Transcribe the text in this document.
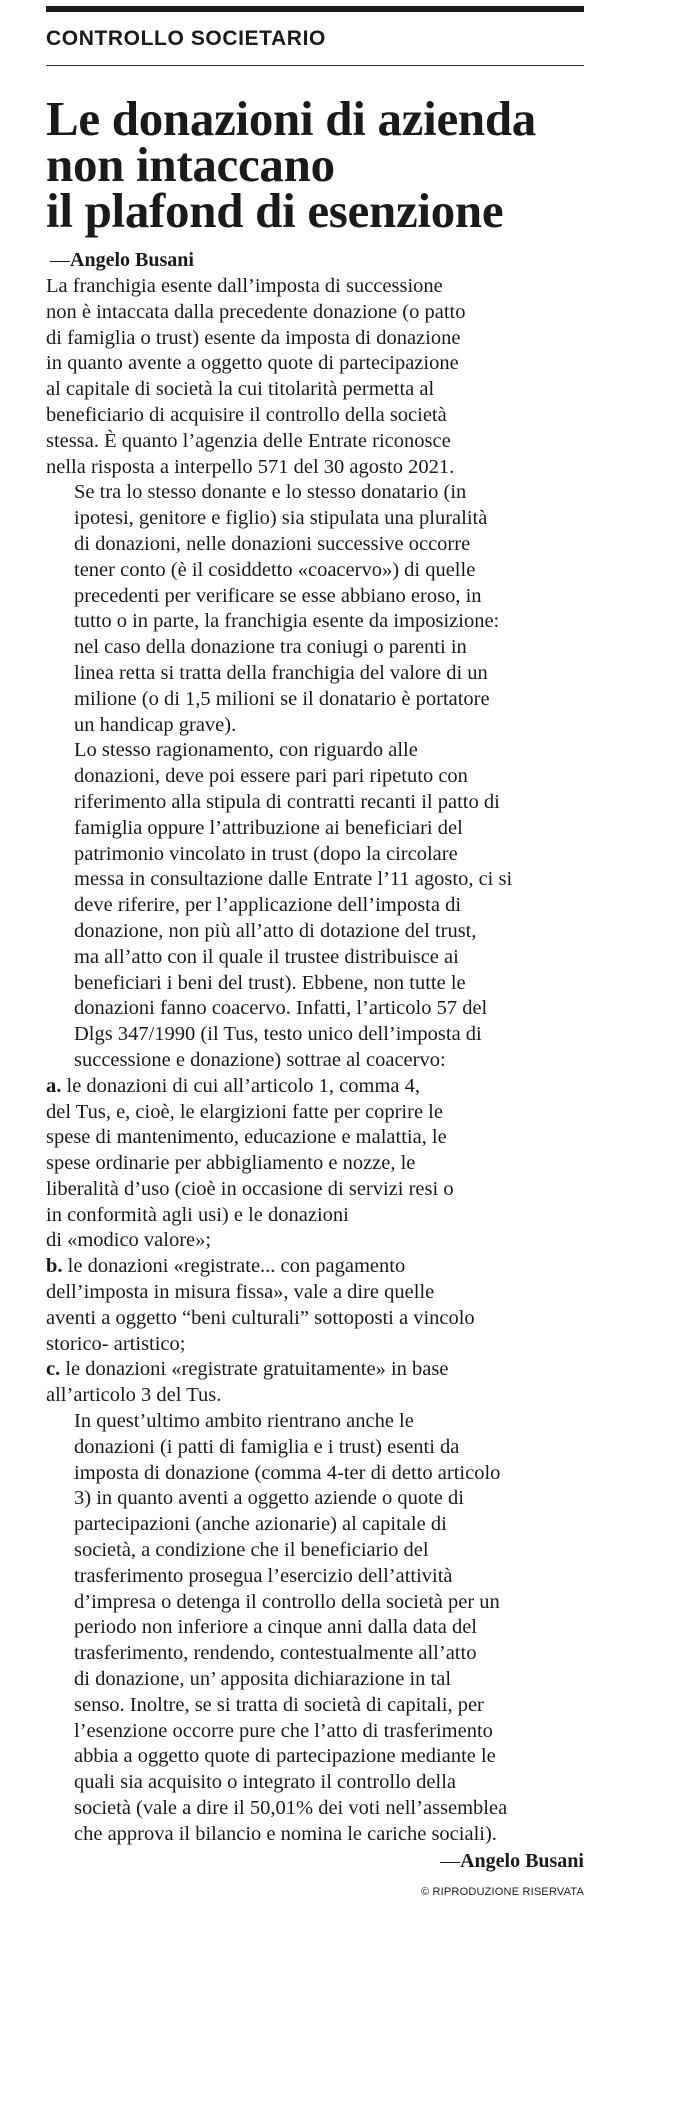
CONTROLLO SOCIETARIO
Le donazioni di azienda
non intaccano
il plafond di esenzione
—Angelo Busani

La franchigia esente dall’imposta di successione
non è intaccata dalla precedente donazione (o patto
di famiglia o trust) esente da imposta di donazione
in quanto avente a oggetto quote di partecipazione
al capitale di società la cui titolarità permetta al
beneficiario di acquisire il controllo della società
stessa. È quanto l’agenzia delle Entrate riconosce
nella risposta a interpello 571 del 30 agosto 2021.

Se tra lo stesso donante e lo stesso donatario (in
ipotesi, genitore e figlio) sia stipulata una pluralità
di donazioni, nelle donazioni successive occorre
tener conto (è il cosiddetto «coacervo») di quelle
precedenti per verificare se esse abbiano eroso, in
tutto o in parte, la franchigia esente da imposizione:
nel caso della donazione tra coniugi o parenti in
linea retta si tratta della franchigia del valore di un
milione (o di 1,5 milioni se il donatario è portatore
un handicap grave).

Lo stesso ragionamento, con riguardo alle
donazioni, deve poi essere pari pari ripetuto con
riferimento alla stipula di contratti recanti il patto di
famiglia oppure l’attribuzione ai beneficiari del
patrimonio vincolato in trust (dopo la circolare
messa in consultazione dalle Entrate l’11 agosto, ci si
deve riferire, per l’applicazione dell’imposta di
donazione, non più all’atto di dotazione del trust,
ma all’atto con il quale il trustee distribuisce ai
beneficiari i beni del trust). Ebbene, non tutte le
donazioni fanno coacervo. Infatti, l’articolo 57 del
Dlgs 347/1990 (il Tus, testo unico dell’imposta di
successione e donazione) sottrae al coacervo:

a. le donazioni di cui all’articolo 1, comma 4,
del Tus, e, cioè, le elargizioni fatte per coprire le
spese di mantenimento, educazione e malattia, le
spese ordinarie per abbigliamento e nozze, le
liberalità d’uso (cioè in occasione di servizi resi o
in conformità agli usi) e le donazioni
di «modico valore»;

b. le donazioni «registrate... con pagamento
dell’imposta in misura fissa», vale a dire quelle
aventi a oggetto “beni culturali” sottoposti a vincolo
storico- artistico;

c. le donazioni «registrate gratuitamente» in base
all’articolo 3 del Tus.

In quest’ultimo ambito rientrano anche le
donazioni (i patti di famiglia e i trust) esenti da
imposta di donazione (comma 4-ter di detto articolo
3) in quanto aventi a oggetto aziende o quote di
partecipazioni (anche azionarie) al capitale di
società, a condizione che il beneficiario del
trasferimento prosegua l’esercizio dell’attività
d’impresa o detenga il controllo della società per un
periodo non inferiore a cinque anni dalla data del
trasferimento, rendendo, contestualmente all’atto
di donazione, un’ apposita dichiarazione in tal
senso. Inoltre, se si tratta di società di capitali, per
l’esenzione occorre pure che l’atto di trasferimento
abbia a oggetto quote di partecipazione mediante le
quali sia acquisito o integrato il controllo della
società (vale a dire il 50,01% dei voti nell’assemblea
che approva il bilancio e nomina le cariche sociali).

—Angelo Busani
© RIPRODUZIONE RISERVATA
